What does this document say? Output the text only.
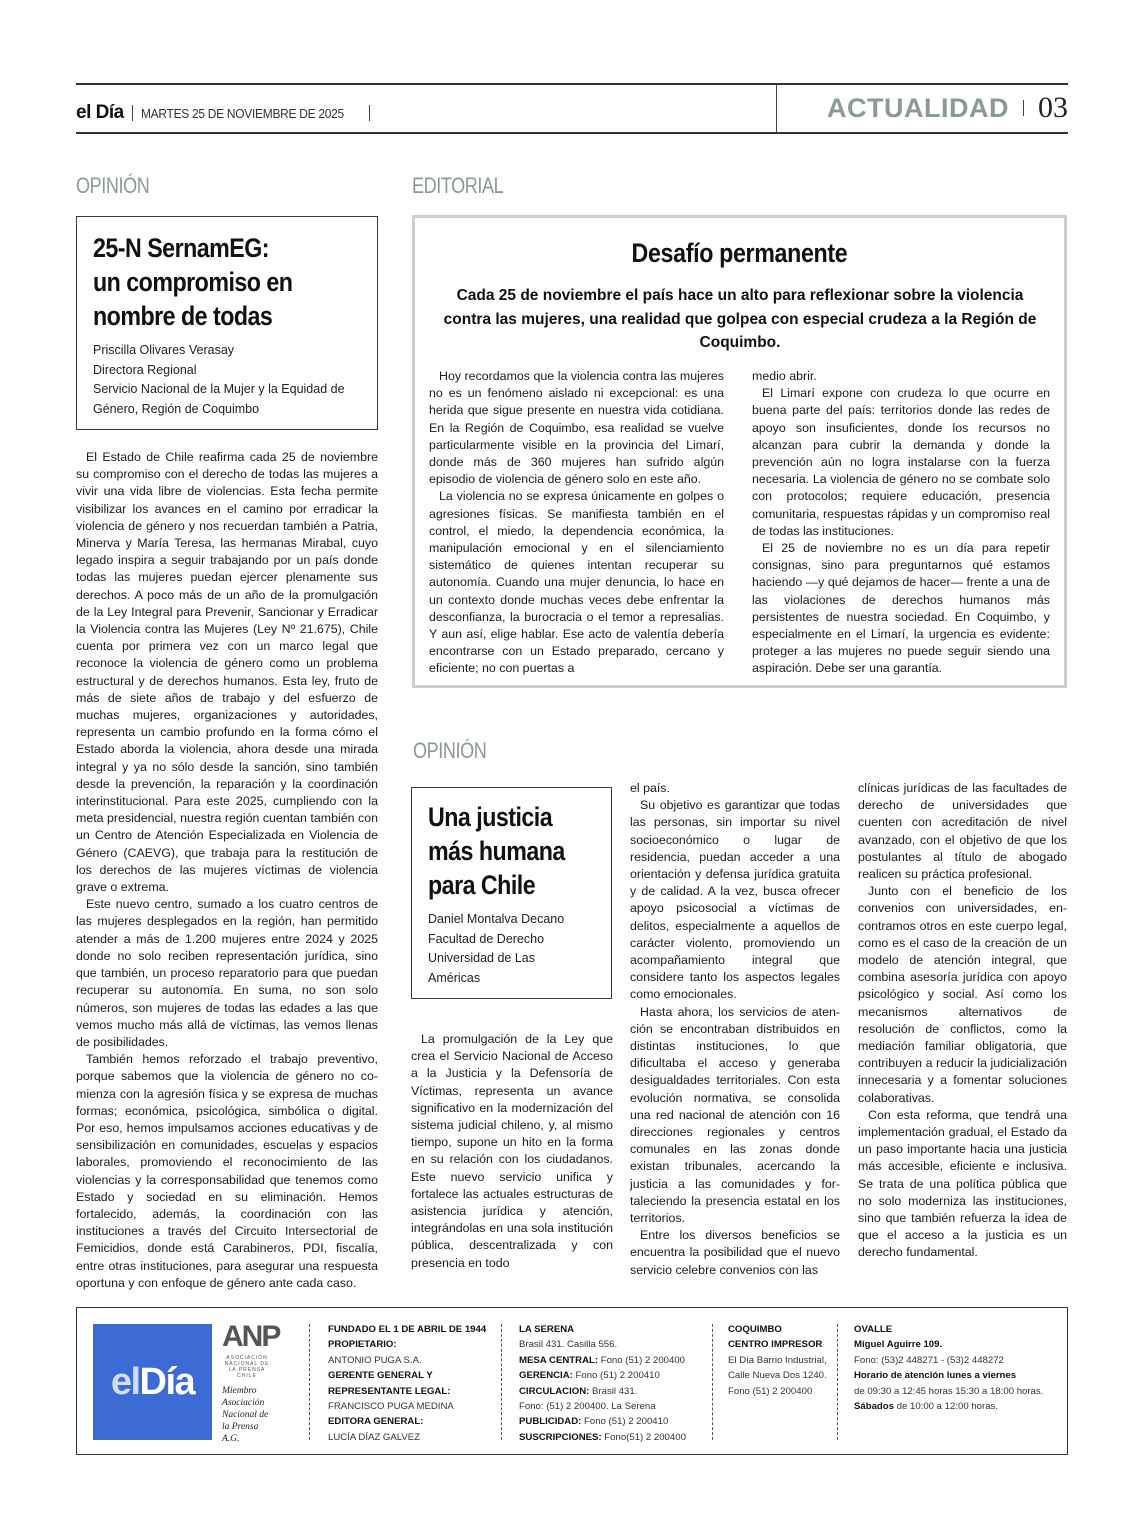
el Día MARTES 25 DE NOVIEMBRE DE 2025	ACTUALIDAD 03
OPINIÓN
25-N SernamEG:
un compromiso en
nombre de todas
Priscilla Olivares Verasay
Directora Regional
Servicio Nacional de la Mujer y la Equidad de
Género, Región de Coquimbo

El Estado de Chile reafirma cada 25 de noviembre su compromiso con el derecho de todas las mujeres a vivir una vida libre de violencias. Esta fecha permite visibilizar los avances en el camino por erradicar la violencia de género y nos recuerdan también a Patria, Minerva y María Teresa, las hermanas Mirabal, cuyo legado inspira a seguir trabajando por un país donde todas las mujeres puedan ejercer plenamente sus derechos. A poco más de un año de la promulgación de la Ley Integral para Prevenir, Sancionar y Erradicar la Violencia contra las Mujeres (Ley Nº 21.675), Chile cuenta por primera vez con un marco legal que reconoce la violencia de género como un problema estructural y de derechos humanos. Esta ley, fruto de más de siete años de trabajo y del esfuerzo de muchas mujeres, organizaciones y autoridades, representa un cambio profundo en la forma cómo el Estado aborda la violencia, ahora desde una mirada integral y ya no sólo desde la sanción, sino también desde la prevención, la reparación y la coordinación interinstitucional. Para este 2025, cumpliendo con la meta presidencial, nuestra región cuentan también con un Centro de Atención Especializada en Violencia de Género (CAEVG), que trabaja para la restitución de los derechos de las mujeres víctimas de violencia grave o extrema.

Este nuevo centro, sumado a los cuatro centros de las mujeres desplegados en la región, han permitido atender a más de 1.200 mujeres entre 2024 y 2025 donde no solo reciben representación jurídica, sino que también, un proceso reparatorio para que puedan recuperar su autonomía. En suma, no son solo números, son mujeres de todas las edades a las que vemos mucho más allá de víctimas, las vemos llenas de posibilidades.

También hemos reforzado el trabajo preventivo, porque sabemos que la violencia de género no comienza con la agresión física y se expresa de muchas formas; económica, psicológica, simbólica o digital. Por eso, hemos impulsamos acciones educativas y de sensibilización en comunidades, escuelas y espacios laborales, promoviendo el reconocimiento de las violencias y la corresponsabilidad que tenemos como Estado y sociedad en su eliminación. Hemos fortalecido, además, la coordinación con las instituciones a través del Circuito Intersectorial de Femicidios, donde está Carabineros, PDI, fiscalía, entre otras instituciones, para asegurar una respuesta oportuna y con enfoque de género ante cada caso.

EDITORIAL
Desafío permanente
Cada 25 de noviembre el país hace un alto para reflexionar sobre la violencia contra las mujeres, una realidad que golpea con especial crudeza a la Región de Coquimbo.

Hoy recordamos que la violencia contra las mujeres no es un fenómeno aislado ni excepcional: es una herida que sigue presente en nuestra vida cotidiana. En la Región de Coquimbo, esa realidad se vuelve particularmente visible en la provincia del Limarí, donde más de 360 mujeres han sufrido algún episodio de violencia de género solo en este año.

La violencia no se expresa únicamente en golpes o agresiones físicas. Se manifiesta también en el control, el miedo, la dependencia económica, la manipulación emocional y en el silenciamiento sistemático de quienes intentan recuperar su autonomía. Cuando una mujer denuncia, lo hace en un contexto donde muchas veces debe enfrentar la desconfianza, la burocracia o el temor a represalias. Y aun así, elige hablar. Ese acto de valentía debería encontrarse con un Estado preparado, cercano y eficiente; no con puertas a

medio abrir.

El Limarí expone con crudeza lo que ocurre en buena parte del país: territorios donde las redes de apoyo son insuficientes, donde los recursos no alcanzan para cubrir la demanda y donde la prevención aún no logra instalarse con la fuerza necesaria. La violencia de género no se combate solo con protocolos; requiere educación, presencia comunitaria, respuestas rápidas y un compromiso real de todas las instituciones.

El 25 de noviembre no es un día para repetir consignas, sino para preguntarnos qué estamos haciendo —y qué dejamos de hacer— frente a una de las violaciones de derechos humanos más persistentes de nuestra sociedad. En Coquimbo, y especialmente en el Limarí, la urgencia es evidente: proteger a las mujeres no puede seguir siendo una aspiración. Debe ser una garantía.

OPINIÓN
Una justicia
más humana
para Chile
Daniel Montalva Decano
Facultad de Derecho
Universidad de Las
Américas

La promulgación de la Ley que crea el Servicio Nacional de Acceso a la Justicia y la Defensoría de Víctimas, representa un avance significativo en la modernización del sistema judicial chileno, y, al mismo tiempo, supone un hito en la forma en su relación con los ciudadanos. Este nuevo servicio unifica y fortalece las actuales estructuras de asistencia jurídica y atención, integrándolas en una sola institución pública, descentralizada y con presencia en todo

el país.

Su objetivo es garantizar que todas las personas, sin importar su nivel socioeconómico o lugar de residencia, puedan acceder a una orientación y defensa jurídica gratuita y de calidad. A la vez, busca ofrecer apoyo psicosocial a víctimas de delitos, especialmente a aquellos de carácter violento, promoviendo un acompañamiento integral que considere tanto los aspectos legales como emocionales.

Hasta ahora, los servicios de atención se encontraban distribuidos en distintas instituciones, lo que dificultaba el acceso y generaba desigualdades territoriales. Con esta evolución normativa, se consolida una red nacional de atención con 16 direcciones regionales y centros comunales en las zonas donde existan tribunales, acercando la justicia a las comunidades y fortaleciendo la presencia estatal en los territorios.

Entre los diversos beneficios se encuentra la posibilidad que el nuevo servicio celebre convenios con las

clínicas jurídicas de las facultades de derecho de universidades que cuenten con acreditación de nivel avanzado, con el objetivo de que los postulantes al título de abogado realicen su práctica profesional.

Junto con el beneficio de los convenios con universidades, encontramos otros en este cuerpo legal, como es el caso de la creación de un modelo de atención integral, que combina asesoría jurídica con apoyo psicológico y social. Así como los mecanismos alternativos de resolución de conflictos, como la mediación familiar obligatoria, que contribuyen a reducir la judicialización innecesaria y a fomentar soluciones colaborativas.

Con esta reforma, que tendrá una implementación gradual, el Estado da un paso importante hacia una justicia más accesible, eficiente e inclusiva. Se trata de una política pública que no solo moderniza las instituciones, sino que también refuerza la idea de que el acceso a la justicia es un derecho fundamental.

el Día
ANP
ASOCIACIÓN NACIONAL DE LA PRENSA CHILE
Miembro
Asociación
Nacional de
la Prensa
A.G.
FUNDADO EL 1 DE ABRIL DE 1944
PROPIETARIO:
ANTONIO PUGA S.A.
GERENTE GENERAL Y
REPRESENTANTE LEGAL:
FRANCISCO PUGA MEDINA
EDITORA GENERAL:
LUCÍA DÍAZ GALVEZ
LA SERENA
Brasil 431. Casilla 556.
MESA CENTRAL: Fono (51) 2 200400
GERENCIA: Fono (51) 2 200410
CIRCULACION: Brasil 431.
Fono: (51) 2 200400. La Serena
PUBLICIDAD: Fono (51) 2 200410
SUSCRIPCIONES: Fono(51) 2 200400
COQUIMBO
CENTRO IMPRESOR
El Día Barrio Industrial,
Calle Nueva Dos 1240.
Fono (51) 2 200400
OVALLE
Miguel Aguirre 109.
Fono: (53)2 448271 - (53)2 448272
Horario de atención lunes a viernes
de 09:30 a 12:45 horas 15:30 a 18:00 horas.
Sábados de 10:00 a 12:00 horas.
